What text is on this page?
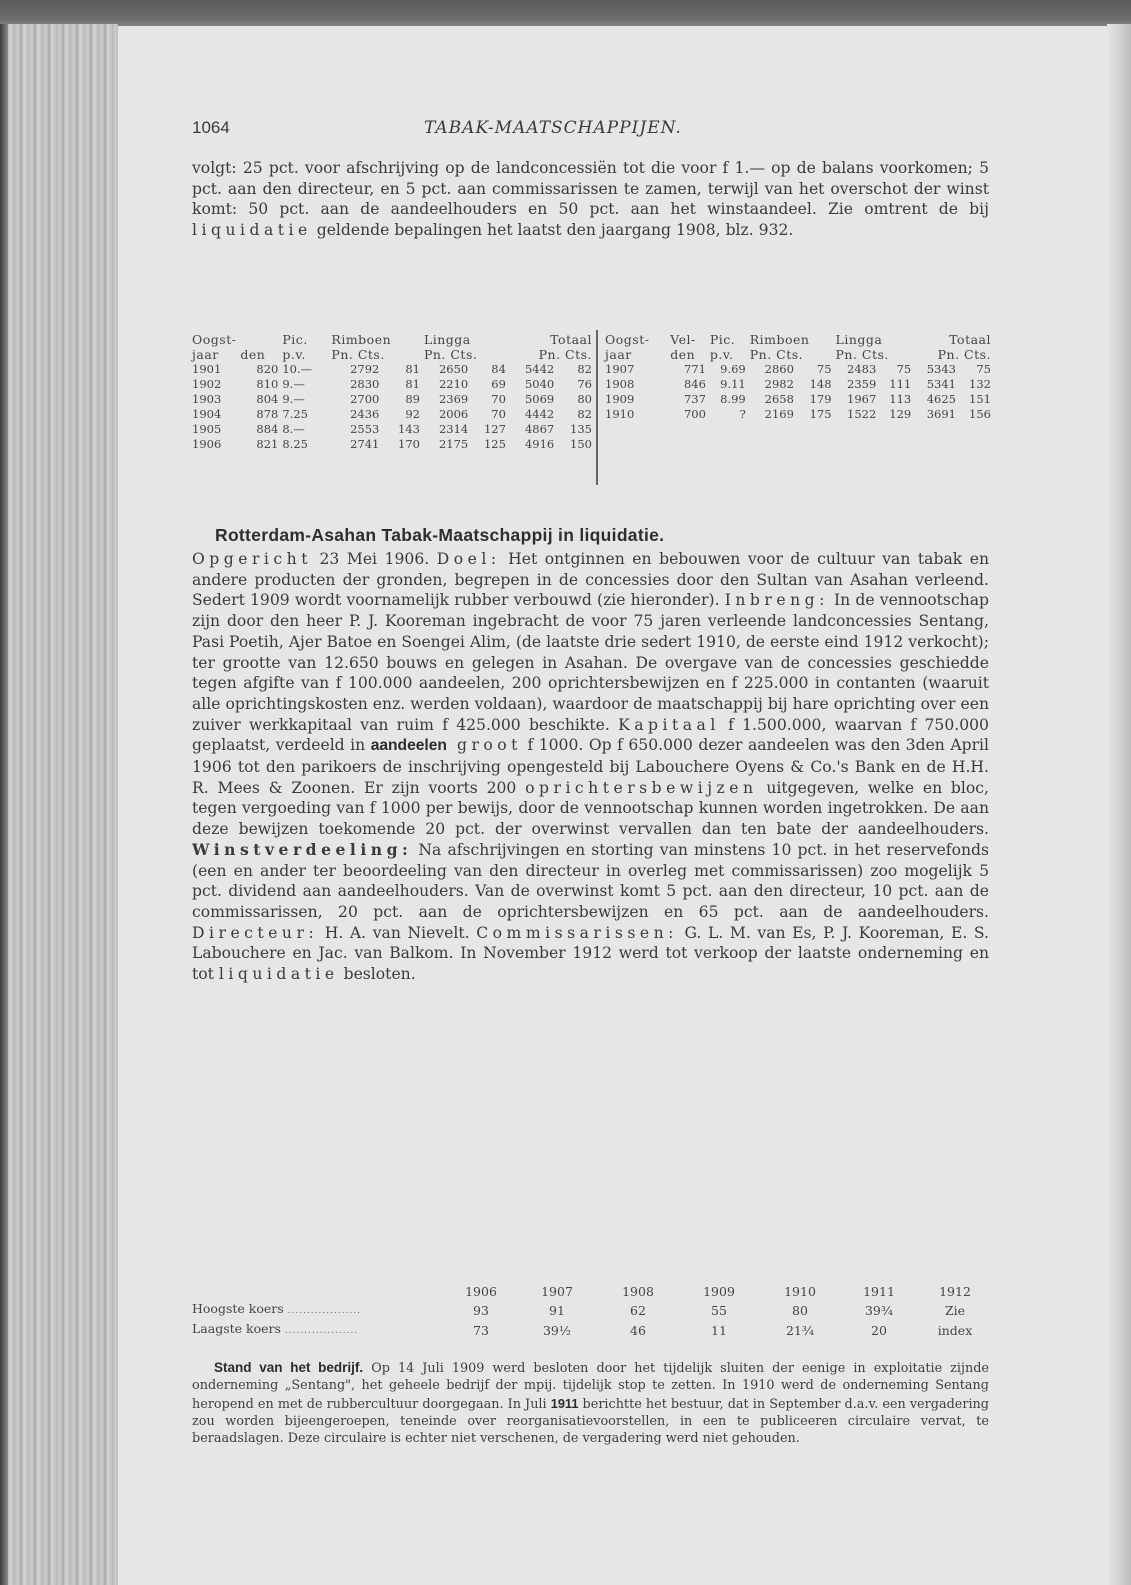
1064	TABAK-MAATSCHAPPIJEN.

volgt: 25 pct. voor afschrijving op de landconcessiën tot die voor f 1.— op de balans voorkomen; 5 pct. aan den directeur, en 5 pct. aan commissarissen te zamen, terwijl van het overschot der winst komt: 50 pct. aan de aandeelhouders en 50 pct. aan het winstaandeel. Zie omtrent de bij liquidatie geldende bepalingen het laatst den jaargang 1908, blz. 932.

Oogst-		Pic.	Rimboen		Lingga		Totaal	
jaar	den	p.v.	Pn. Cts.		Pn. Cts.		Pn. Cts.	
1901	820	10.—	2792	81	2650	84	5442	82
1902	810	9.—	2830	81	2210	69	5040	76
1903	804	9.—	2700	89	2369	70	5069	80
1904	878	7.25	2436	92	2006	70	4442	82
1905	884	8.—	2553	143	2314	127	4867	135
1906	821	8.25	2741	170	2175	125	4916	150
Oogst-	Vel-	Pic.	Rimboen		Lingga		Totaal	
jaar	den	p.v.	Pn. Cts.		Pn. Cts.		Pn. Cts.	
1907	771	9.69	2860	75	2483	75	5343	75
1908	846	9.11	2982	148	2359	111	5341	132
1909	737	8.99	2658	179	1967	113	4625	151
1910	700	?	2169	175	1522	129	3691	156
Rotterdam-Asahan Tabak-Maatschappij in liquidatie.

Opgericht 23 Mei 1906. Doel: Het ontginnen en bebouwen voor de cultuur van tabak en andere producten der gronden, begrepen in de concessies door den Sultan van Asahan verleend. Sedert 1909 wordt voornamelijk rubber verbouwd (zie hieronder). Inbreng: In de vennootschap zijn door den heer P. J. Kooreman ingebracht de voor 75 jaren verleende landconcessies Sentang, Pasi Poetih, Ajer Batoe en Soengei Alim, (de laatste drie sedert 1910, de eerste eind 1912 verkocht); ter grootte van 12.650 bouws en gelegen in Asahan. De overgave van de concessies geschiedde tegen afgifte van f 100.000 aandeelen, 200 oprichtersbewijzen en f 225.000 in contanten (waaruit alle oprichtingskosten enz. werden voldaan), waardoor de maatschappij bij hare oprichting over een zuiver werkkapitaal van ruim f 425.000 beschikte. Kapitaal f 1.500.000, waarvan f 750.000 geplaatst, verdeeld in aandeelen groot f 1000. Op f 650.000 dezer aandeelen was den 3den April 1906 tot den parikoers de inschrijving opengesteld bij Labouchere Oyens & Co.'s Bank en de H.H. R. Mees & Zoonen. Er zijn voorts 200 oprichtersbewijzen uitgegeven, welke en bloc, tegen vergoeding van f 1000 per bewijs, door de vennootschap kunnen worden ingetrokken. De aan deze bewijzen toekomende 20 pct. der overwinst vervallen dan ten bate der aandeelhouders. Winstverdeeling: Na afschrijvingen en storting van minstens 10 pct. in het reservefonds (een en ander ter beoordeeling van den directeur in overleg met commissarissen) zoo mogelijk 5 pct. dividend aan aandeelhouders. Van de overwinst komt 5 pct. aan den directeur, 10 pct. aan de commissarissen, 20 pct. aan de oprichtersbewijzen en 65 pct. aan de aandeelhouders. Directeur: H. A. van Nievelt. Commissarissen: G. L. M. van Es, P. J. Kooreman, E. S. Labouchere en Jac. van Balkom. In November 1912 werd tot verkoop der laatste onderneming en tot liquidatie besloten.

	1906	1907	1908	1909	1910	1911	1912
Hoogste koers ...................	93	91	62	55	80	39¾	Zie
Laagste koers ...................	73	39½	46	11	21¾	20	index

Stand van het bedrijf. Op 14 Juli 1909 werd besloten door het tijdelijk sluiten der eenige in exploitatie zijnde onderneming „Sentang", het geheele bedrijf der mpij. tijdelijk stop te zetten. In 1910 werd de onderneming Sentang heropend en met de rubbercultuur doorgegaan. In Juli 1911 berichtte het bestuur, dat in September d.a.v. een vergadering zou worden bijeengeroepen, teneinde over reorganisatievoorstellen, in een te publiceeren circulaire vervat, te beraadslagen. Deze circulaire is echter niet verschenen, de vergadering werd niet gehouden.
